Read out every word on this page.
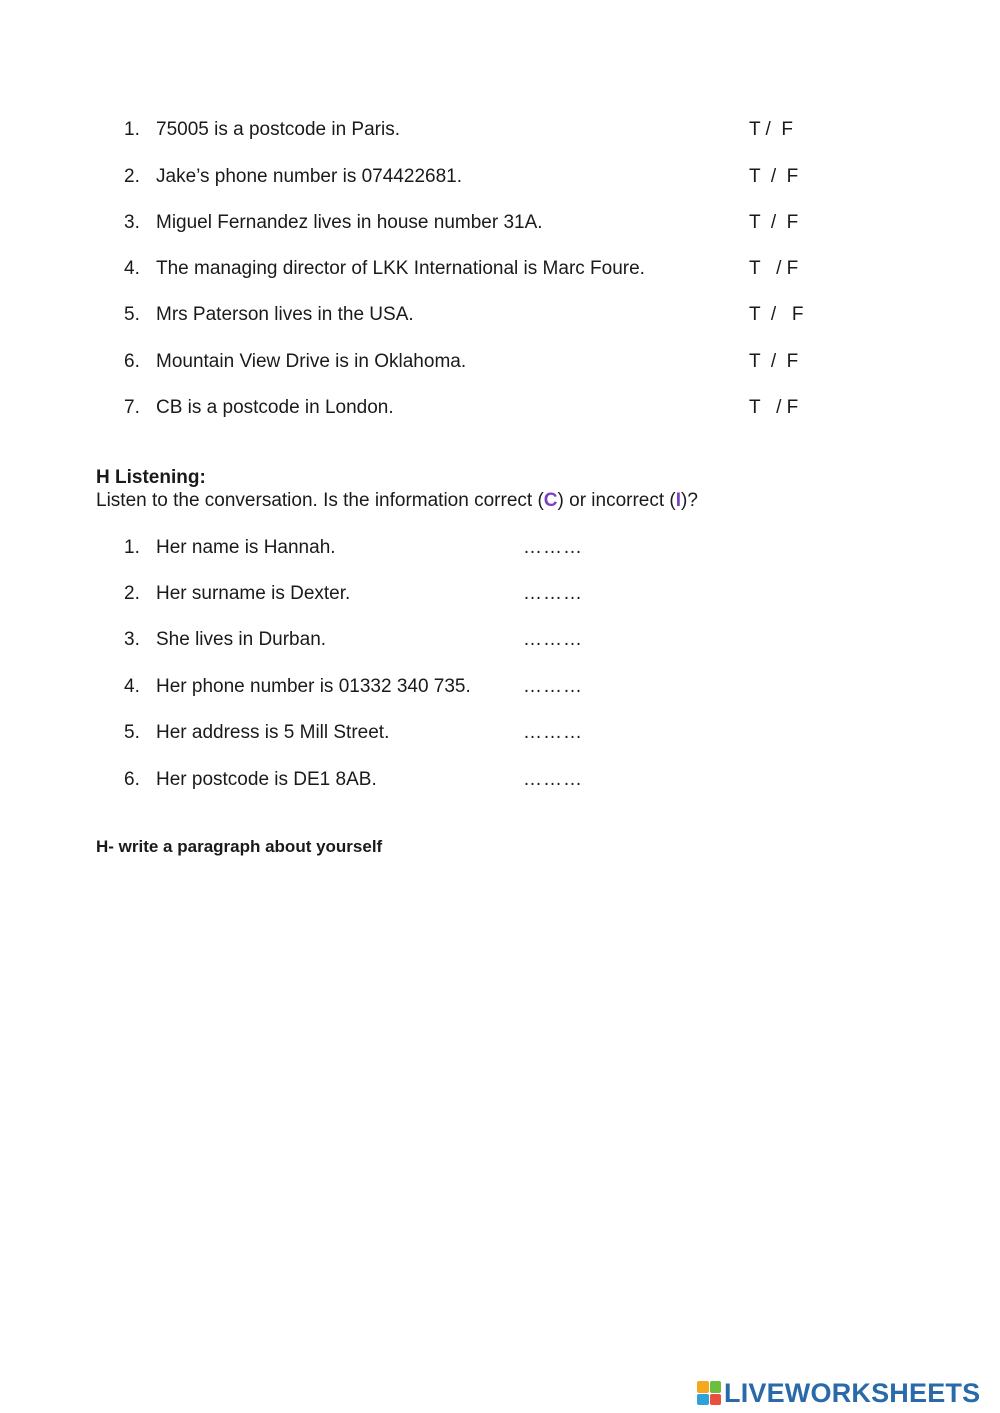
1. 75005 is a postcode in Paris.	T /  F
2. Jake’s phone number is 074422681.	T  /  F
3. Miguel Fernandez lives in house number 31A.	T  /  F
4. The managing director of LKK International is Marc Foure.	T   / F
5. Mrs Paterson lives in the USA.	T  /   F
6. Mountain View Drive is in Oklahoma.	T  /  F
7. CB is a postcode in London.	T   / F
H Listening:
Listen to the conversation. Is the information correct (C) or incorrect (I)?
1. Her name is Hannah.	………
2. Her surname is Dexter.	………
3. She lives in Durban.	………
4. Her phone number is 01332 340 735.	………
5. Her address is 5 Mill Street.	………
6. Her postcode is DE1 8AB.	………
H- write a paragraph about yourself
LIVEWORKSHEETS
